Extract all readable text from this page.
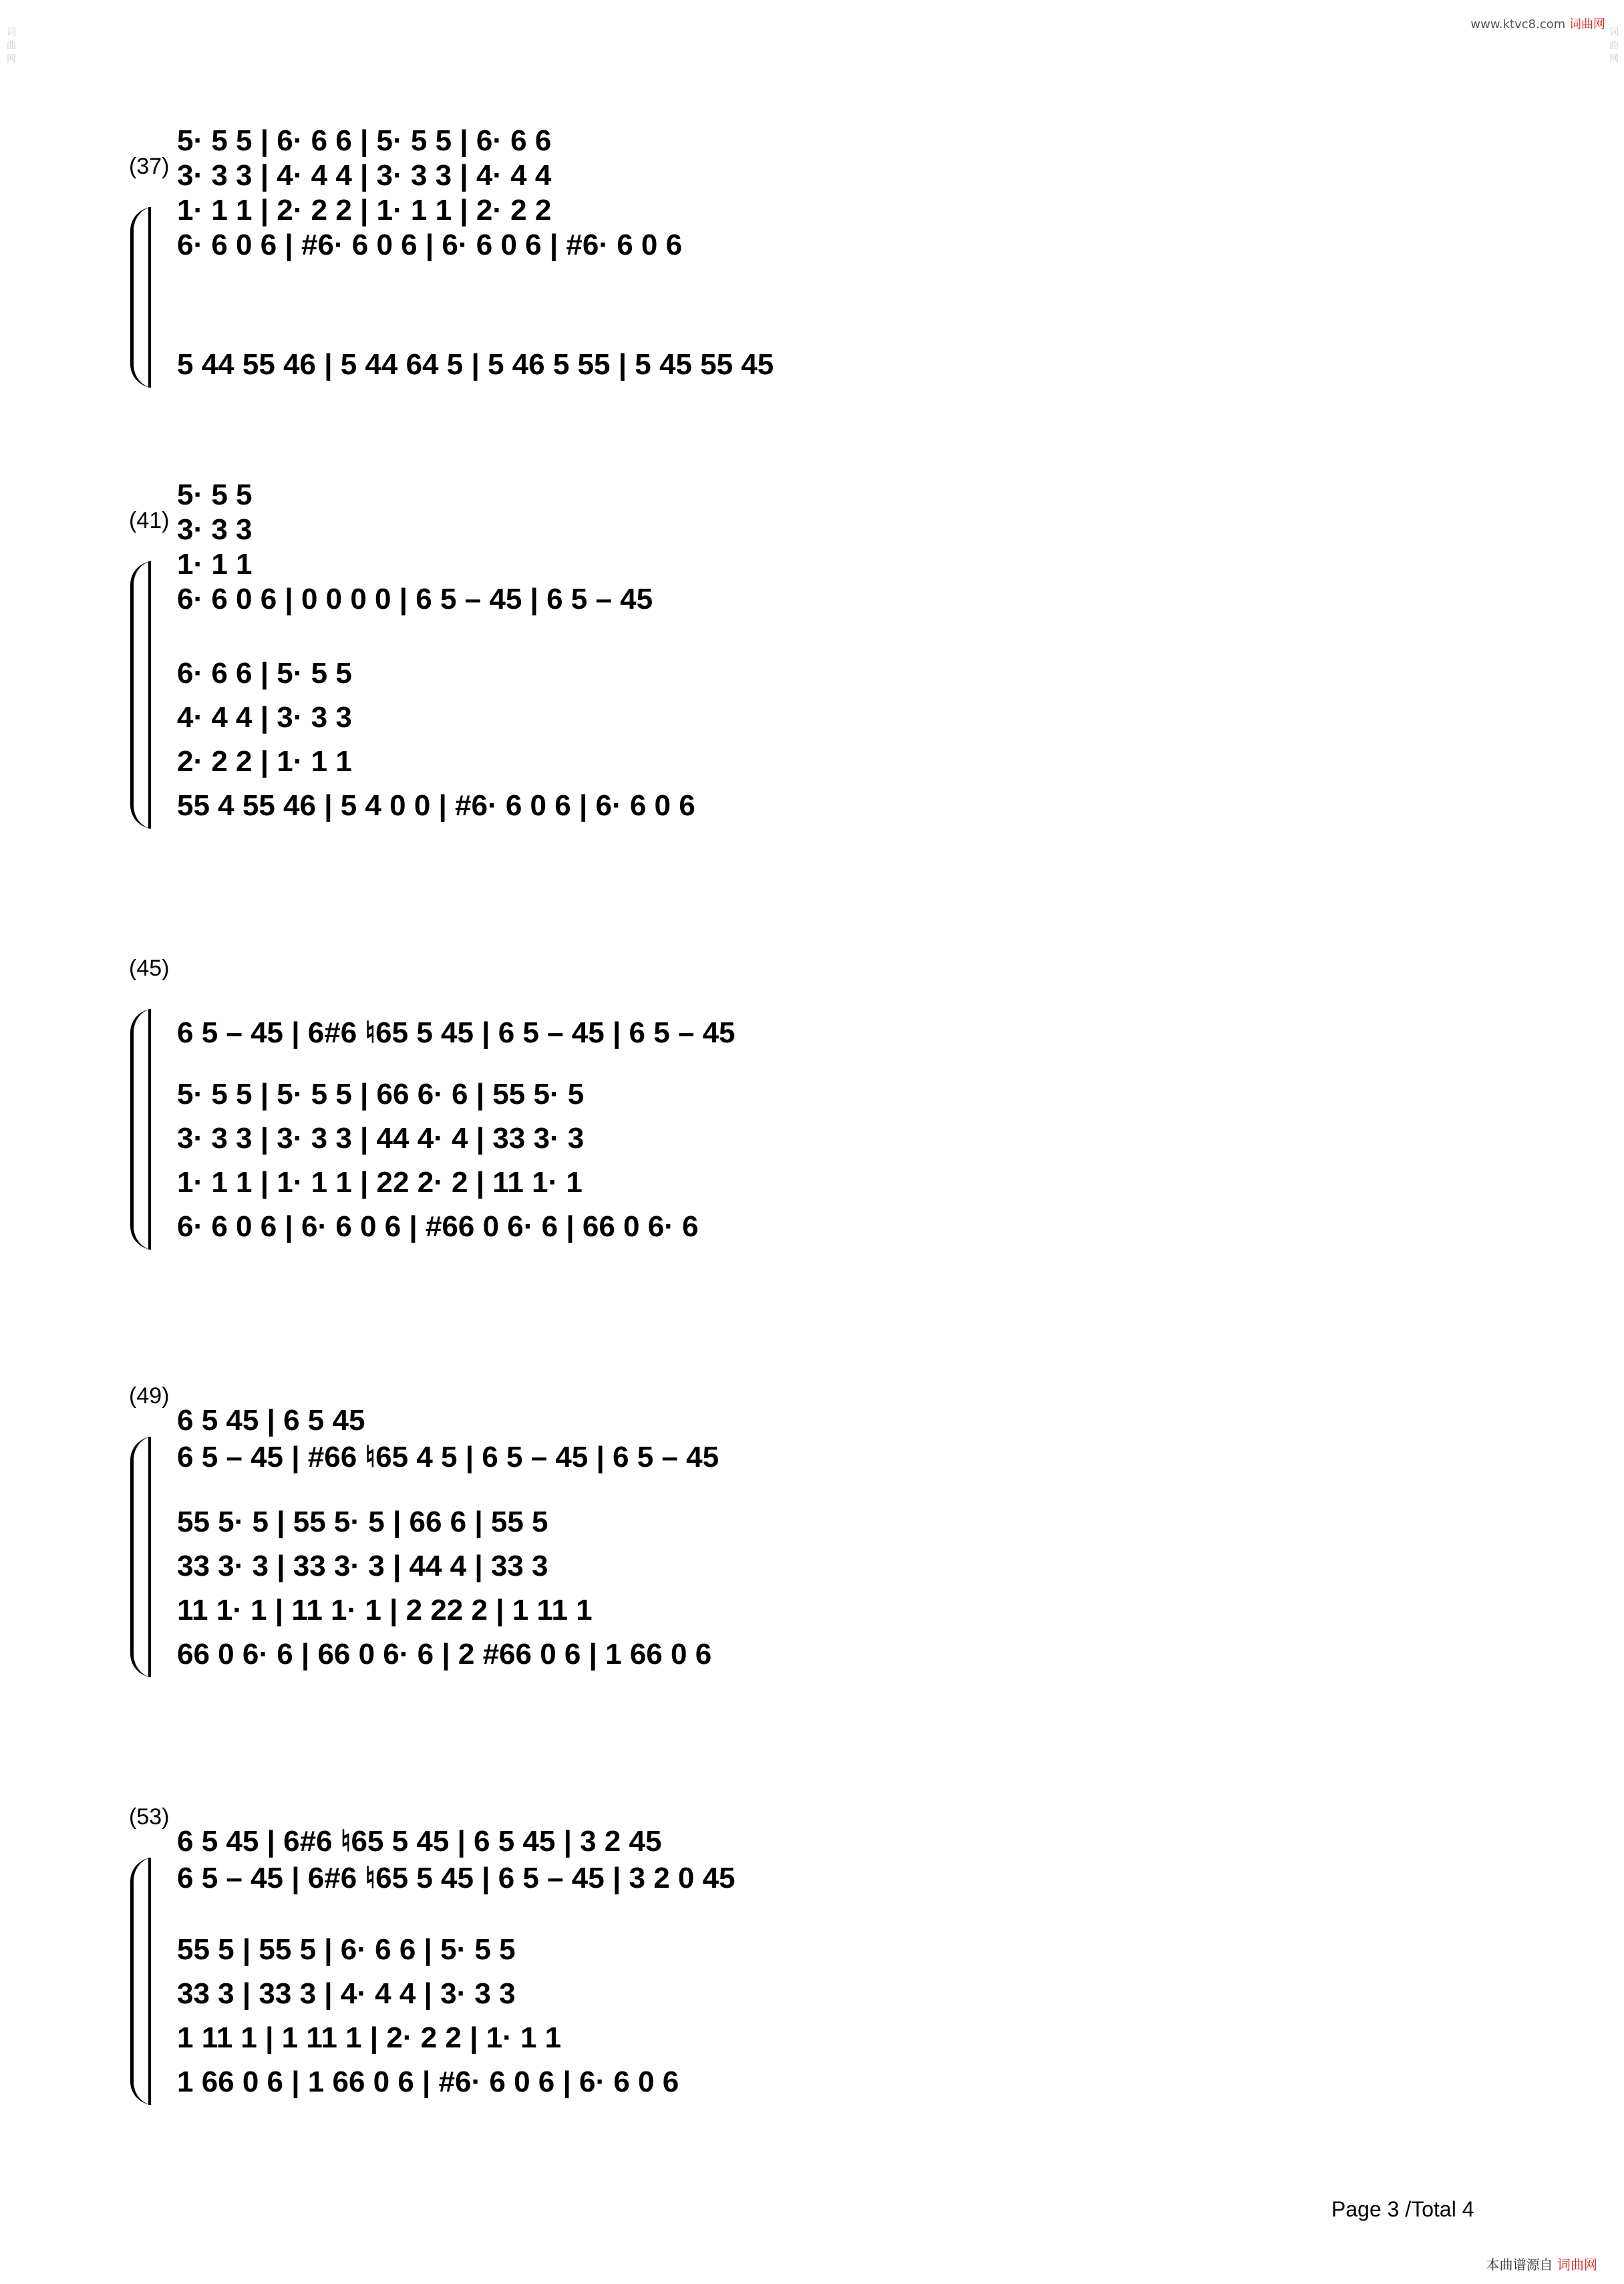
词曲网	词曲网
www.ktvc8.com 词曲网
(37)
5· 5 5 | 6· 6 6 | 5· 5 5 | 6· 6 6
3· 3 3 | 4· 4 4 | 3· 3 3 | 4· 4 4
1· 1 1 | 2· 2 2 | 1· 1 1 | 2· 2 2
6· 6 0 6 | #6· 6 0 6 | 6· 6 0 6 | #6· 6 0 6
5 44 55 46 | 5 44 64 5 | 5 46 5 55 | 5 45 55 45
(41)
5· 5 5
3· 3 3
1· 1 1
6· 6 0 6 | 0 0 0 0 | 6 5 – 45 | 6 5 – 45
6· 6 6 | 5· 5 5
4· 4 4 | 3· 3 3
2· 2 2 | 1· 1 1
55 4 55 46 | 5 4 0 0 | #6· 6 0 6 | 6· 6 0 6
(45)
6 5 – 45 | 6#6 ♮65 5 45 | 6 5 – 45 | 6 5 – 45
5· 5 5 | 5· 5 5 | 66 6· 6 | 55 5· 5
3· 3 3 | 3· 3 3 | 44 4· 4 | 33 3· 3
1· 1 1 | 1· 1 1 | 22 2· 2 | 11 1· 1
6· 6 0 6 | 6· 6 0 6 | #66 0 6· 6 | 66 0 6· 6
(49)
6 5 45 | 6 5 45
6 5 – 45 | #66 ♮65 4 5 | 6 5 – 45 | 6 5 – 45
55 5· 5 | 55 5· 5 | 66 6 | 55 5
33 3· 3 | 33 3· 3 | 44 4 | 33 3
11 1· 1 | 11 1· 1 | 2 22 2 | 1 11 1
66 0 6· 6 | 66 0 6· 6 | 2 #66 0 6 | 1 66 0 6
(53)
6 5 45 | 6#6 ♮65 5 45 | 6 5 45 | 3 2 45
6 5 – 45 | 6#6 ♮65 5 45 | 6 5 – 45 | 3 2 0 45
55 5 | 55 5 | 6· 6 6 | 5· 5 5
33 3 | 33 3 | 4· 4 4 | 3· 3 3
1 11 1 | 1 11 1 | 2· 2 2 | 1· 1 1
1 66 0 6 | 1 66 0 6 | #6· 6 0 6 | 6· 6 0 6
Page 3 /Total 4
本曲谱源自 词曲网
